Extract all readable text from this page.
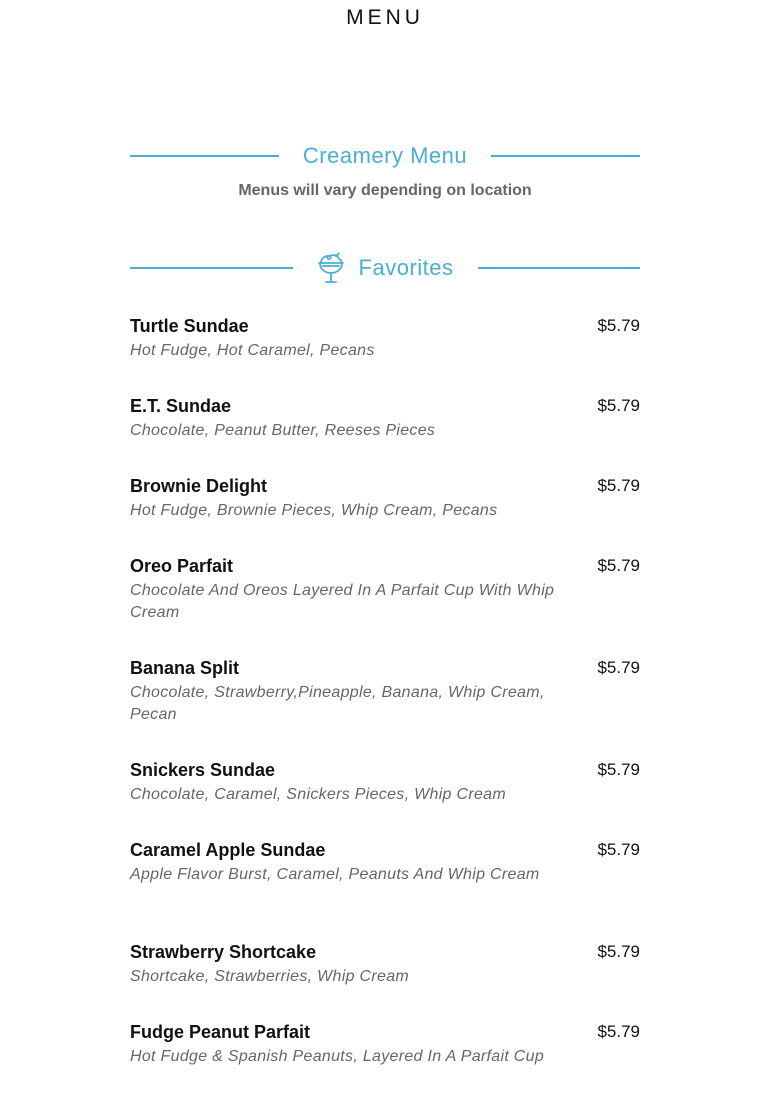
MENU
Creamery Menu
Menus will vary depending on location
Favorites
Turtle Sundae	$5.79
Hot Fudge, Hot Caramel, Pecans
E.T. Sundae	$5.79
Chocolate, Peanut Butter, Reeses Pieces
Brownie Delight	$5.79
Hot Fudge, Brownie Pieces, Whip Cream, Pecans
Oreo Parfait	$5.79
Chocolate And Oreos Layered In A Parfait Cup With Whip Cream
Banana Split	$5.79
Chocolate, Strawberry,Pineapple, Banana, Whip Cream, Pecan
Snickers Sundae	$5.79
Chocolate, Caramel, Snickers Pieces, Whip Cream
Caramel Apple Sundae	$5.79
Apple Flavor Burst, Caramel, Peanuts And Whip Cream
Strawberry Shortcake	$5.79
Shortcake, Strawberries, Whip Cream
Fudge Peanut Parfait	$5.79
Hot Fudge & Spanish Peanuts, Layered In A Parfait Cup
